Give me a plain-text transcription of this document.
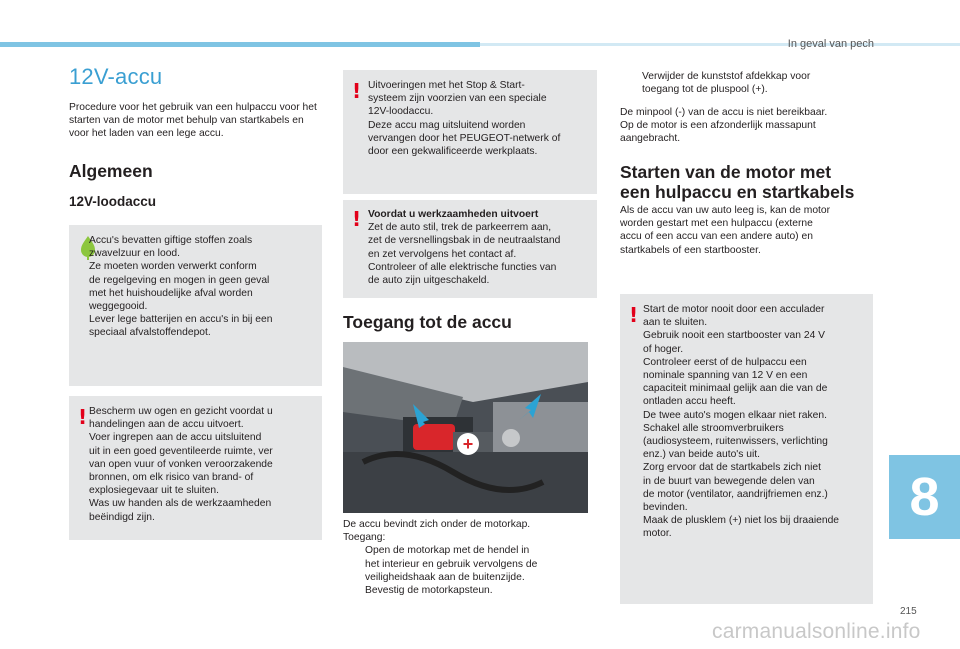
In geval van pech
12V-accu

Procedure voor het gebruik van een hulpaccu voor het starten van de motor met behulp van startkabels en voor het laden van een lege accu.

Algemeen
12V-loodaccu
Accu's bevatten giftige stoffen zoals
zwavelzuur en lood.
Ze moeten worden verwerkt conform
de regelgeving en mogen in geen geval
met het huishoudelijke afval worden
weggegooid.
Lever lege batterijen en accu's in bij een
speciaal afvalstoffendepot.
! Bescherm uw ogen en gezicht voordat u
handelingen aan de accu uitvoert.
Voer ingrepen aan de accu uitsluitend
uit in een goed geventileerde ruimte, ver
van open vuur of vonken veroorzakende
bronnen, om elk risico van brand- of
explosiegevaar uit te sluiten.
Was uw handen als de werkzaamheden
beëindigd zijn.
! Uitvoeringen met het Stop & Start-
systeem zijn voorzien van een speciale
12V-loodaccu.
Deze accu mag uitsluitend worden
vervangen door het PEUGEOT-netwerk of
door een gekwalificeerde werkplaats.
! Voordat u werkzaamheden uitvoert
Zet de auto stil, trek de parkeerrem aan,
zet de versnellingsbak in de neutraalstand
en zet vervolgens het contact af.
Controleer of alle elektrische functies van
de auto zijn uitgeschakeld.
Toegang tot de accu
+
De accu bevindt zich onder de motorkap.
Toegang:
Open de motorkap met de hendel in
het interieur en gebruik vervolgens de
veiligheidshaak aan de buitenzijde.
Bevestig de motorkapsteun.
Verwijder de kunststof afdekkap voor
toegang tot de pluspool (+).
De minpool (-) van de accu is niet bereikbaar.
Op de motor is een afzonderlijk massapunt
aangebracht.
Starten van de motor met
een hulpaccu en startkabels
Als de accu van uw auto leeg is, kan de motor
worden gestart met een hulpaccu (externe
accu of een accu van een andere auto) en
startkabels of een startbooster.
! Start de motor nooit door een acculader
aan te sluiten.
Gebruik nooit een startbooster van 24 V
of hoger.
Controleer eerst of de hulpaccu een
nominale spanning van 12 V en een
capaciteit minimaal gelijk aan die van de
ontladen accu heeft.
De twee auto's mogen elkaar niet raken.
Schakel alle stroomverbruikers
(audiosysteem, ruitenwissers, verlichting
enz.) van beide auto's uit.
Zorg ervoor dat de startkabels zich niet
in de buurt van bewegende delen van
de motor (ventilator, aandrijfriemen enz.)
bevinden.
Maak de plusklem (+) niet los bij draaiende
motor.
8
215
carmanualsonline.info
